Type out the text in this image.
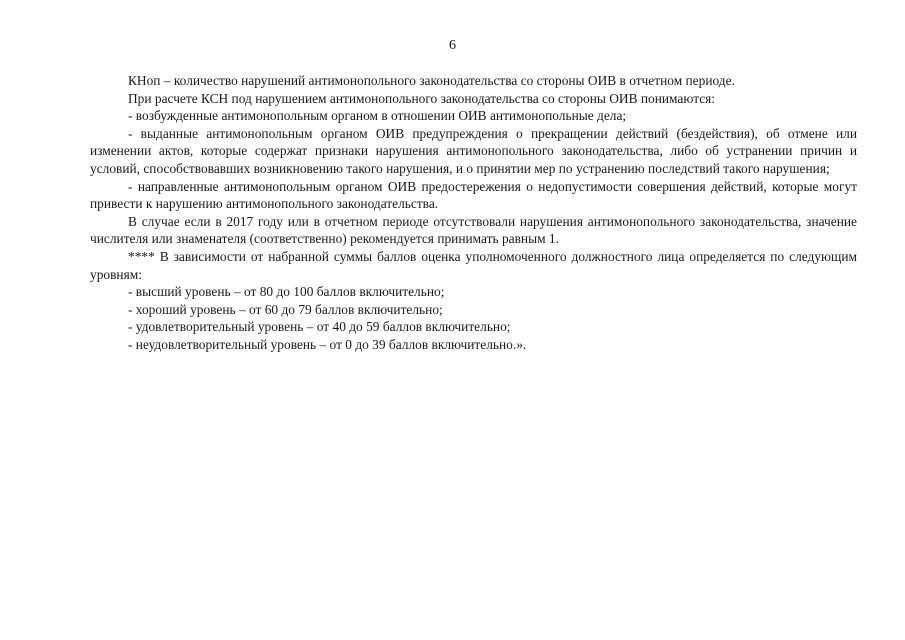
6

КНоп – количество нарушений антимонопольного законодательства со стороны ОИВ в отчетном периоде.

При расчете КСН под нарушением антимонопольного законодательства со стороны ОИВ понимаются:

- возбужденные антимонопольным органом в отношении ОИВ антимонопольные дела;

- выданные антимонопольным органом ОИВ предупреждения о прекращении действий (бездействия), об отмене или изменении актов, которые содержат признаки нарушения антимонопольного законодательства, либо об устранении причин и условий, способствовавших возникновению такого нарушения, и о принятии мер по устранению последствий такого нарушения;

- направленные антимонопольным органом ОИВ предостережения о недопустимости совершения действий, которые могут привести к нарушению антимонопольного законодательства.

В случае если в 2017 году или в отчетном периоде отсутствовали нарушения антимонопольного законодательства, значение числителя или знаменателя (соответственно) рекомендуется принимать равным 1.

**** В зависимости от набранной суммы баллов оценка уполномоченного должностного лица определяется по следующим уровням:

- высший уровень – от 80 до 100 баллов включительно;

- хороший уровень – от 60 до 79 баллов включительно;

- удовлетворительный уровень – от 40 до 59 баллов включительно;

- неудовлетворительный уровень – от 0 до 39 баллов включительно.».
